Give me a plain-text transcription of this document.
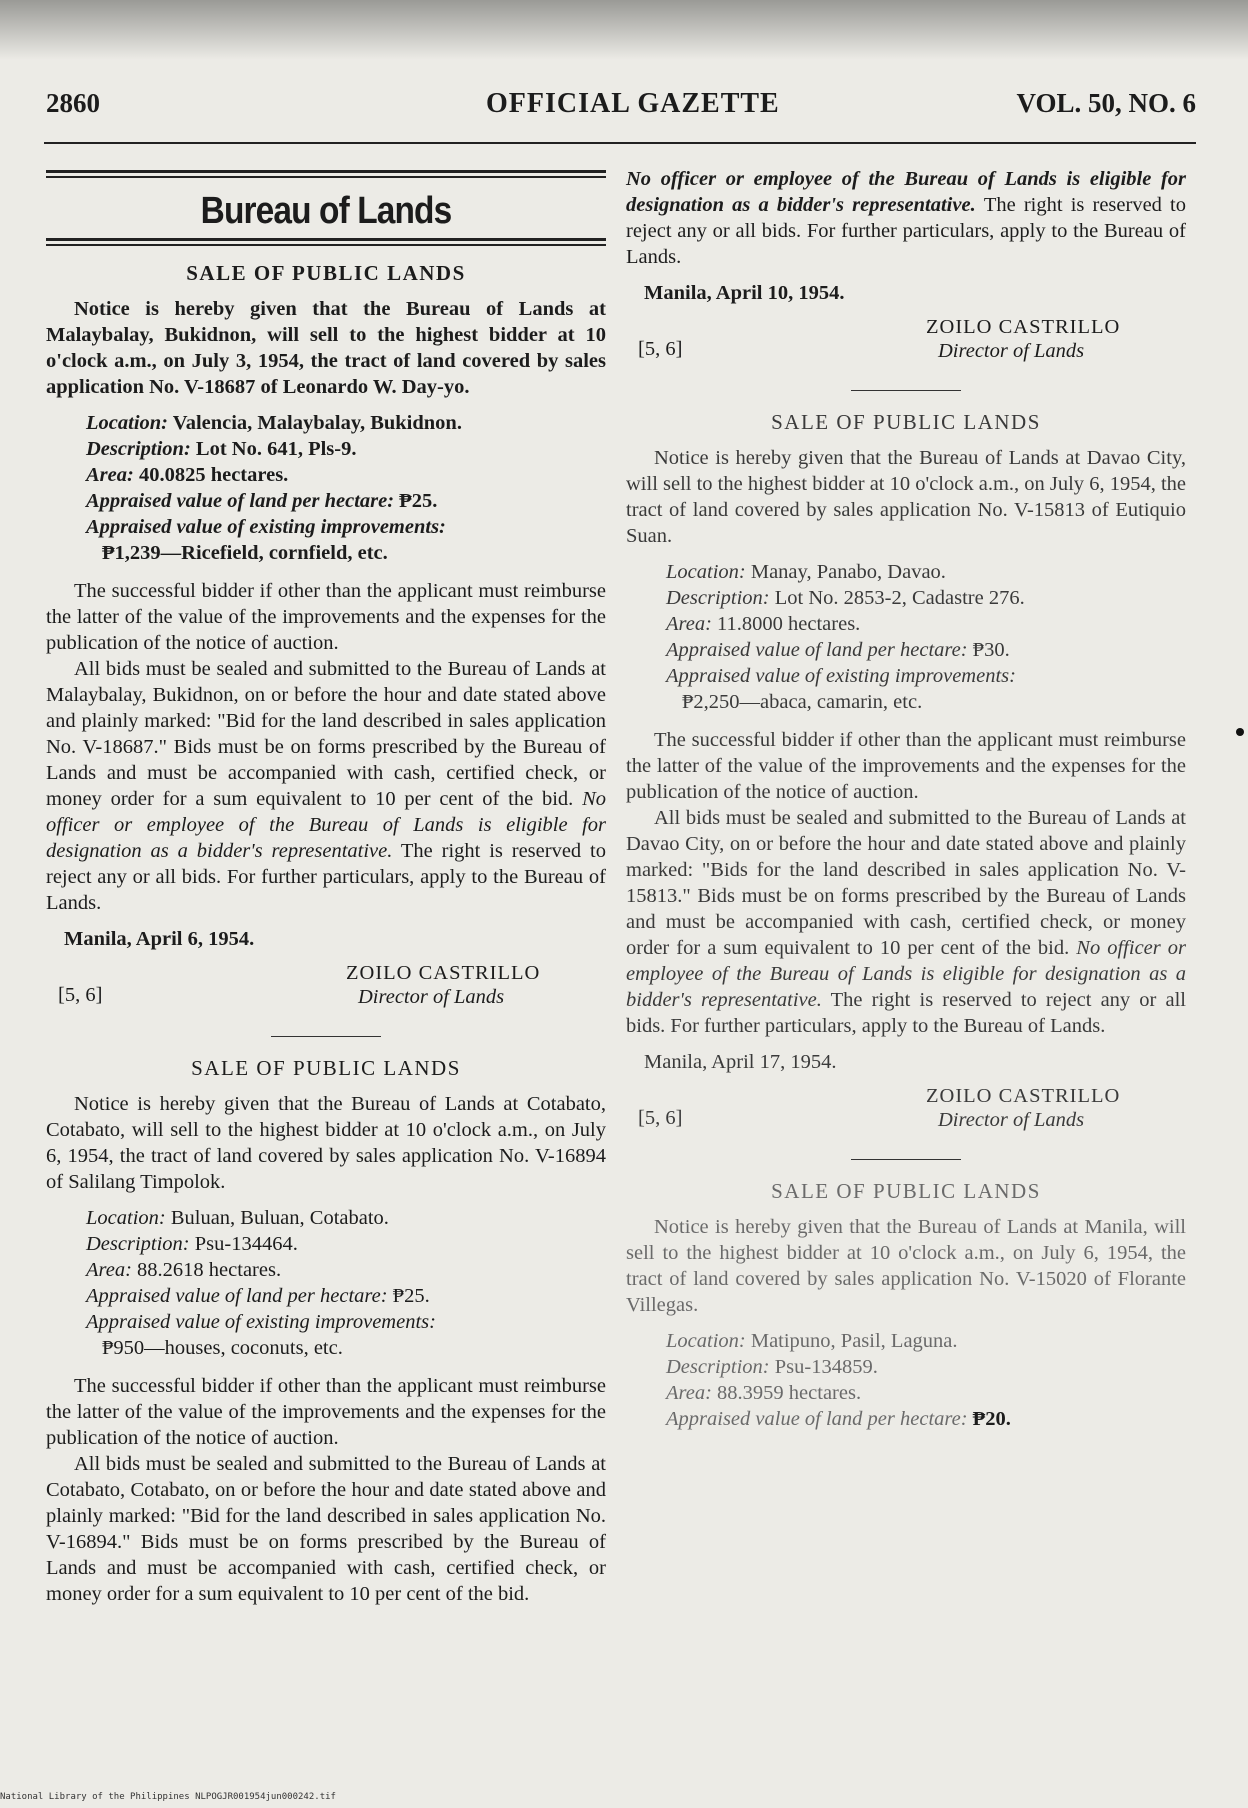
2860	OFFICIAL GAZETTE	VOL. 50, NO. 6
Bureau of Lands
SALE OF PUBLIC LANDS

Notice is hereby given that the Bureau of Lands at Malaybalay, Bukidnon, will sell to the highest bidder at 10 o'clock a.m., on July 3, 1954, the tract of land covered by sales application No. V-18687 of Leonardo W. Day-yo.

Location: Valencia, Malaybalay, Bukidnon.
Description: Lot No. 641, Pls-9.
Area: 40.0825 hectares.
Appraised value of land per hectare: ₱25.
Appraised value of existing improvements:
₱1,239—Ricefield, cornfield, etc.

The successful bidder if other than the applicant must reimburse the latter of the value of the improvements and the expenses for the publication of the notice of auction.

All bids must be sealed and submitted to the Bureau of Lands at Malaybalay, Bukidnon, on or before the hour and date stated above and plainly marked: "Bid for the land described in sales application No. V-18687." Bids must be on forms prescribed by the Bureau of Lands and must be accompanied with cash, certified check, or money order for a sum equivalent to 10 per cent of the bid. No officer or employee of the Bureau of Lands is eligible for designation as a bidder's representative. The right is reserved to reject any or all bids. For further particulars, apply to the Bureau of Lands.

Manila, April 6, 1954.
[5, 6]
ZOILO CASTRILLO
Director of Lands
SALE OF PUBLIC LANDS

Notice is hereby given that the Bureau of Lands at Cotabato, Cotabato, will sell to the highest bidder at 10 o'clock a.m., on July 6, 1954, the tract of land covered by sales application No. V-16894 of Salilang Timpolok.

Location: Buluan, Buluan, Cotabato.
Description: Psu-134464.
Area: 88.2618 hectares.
Appraised value of land per hectare: ₱25.
Appraised value of existing improvements:
₱950—houses, coconuts, etc.

The successful bidder if other than the applicant must reimburse the latter of the value of the improvements and the expenses for the publication of the notice of auction.

All bids must be sealed and submitted to the Bureau of Lands at Cotabato, Cotabato, on or before the hour and date stated above and plainly marked: "Bid for the land described in sales application No. V-16894." Bids must be on forms prescribed by the Bureau of Lands and must be accompanied with cash, certified check, or money order for a sum equivalent to 10 per cent of the bid.

No officer or employee of the Bureau of Lands is eligible for designation as a bidder's representative. The right is reserved to reject any or all bids. For further particulars, apply to the Bureau of Lands.

Manila, April 10, 1954.
[5, 6]
ZOILO CASTRILLO
Director of Lands
SALE OF PUBLIC LANDS

Notice is hereby given that the Bureau of Lands at Davao City, will sell to the highest bidder at 10 o'clock a.m., on July 6, 1954, the tract of land covered by sales application No. V-15813 of Eutiquio Suan.

Location: Manay, Panabo, Davao.
Description: Lot No. 2853-2, Cadastre 276.
Area: 11.8000 hectares.
Appraised value of land per hectare: ₱30.
Appraised value of existing improvements:
₱2,250—abaca, camarin, etc.

The successful bidder if other than the applicant must reimburse the latter of the value of the improvements and the expenses for the publication of the notice of auction.

All bids must be sealed and submitted to the Bureau of Lands at Davao City, on or before the hour and date stated above and plainly marked: "Bids for the land described in sales application No. V-15813." Bids must be on forms prescribed by the Bureau of Lands and must be accompanied with cash, certified check, or money order for a sum equivalent to 10 per cent of the bid. No officer or employee of the Bureau of Lands is eligible for designation as a bidder's representative. The right is reserved to reject any or all bids. For further particulars, apply to the Bureau of Lands.

Manila, April 17, 1954.
[5, 6]
ZOILO CASTRILLO
Director of Lands
SALE OF PUBLIC LANDS

Notice is hereby given that the Bureau of Lands at Manila, will sell to the highest bidder at 10 o'clock a.m., on July 6, 1954, the tract of land covered by sales application No. V-15020 of Florante Villegas.

Location: Matipuno, Pasil, Laguna.
Description: Psu-134859.
Area: 88.3959 hectares.
Appraised value of land per hectare: ₱20.
National Library of the Philippines NLPOGJR001954jun000242.tif
